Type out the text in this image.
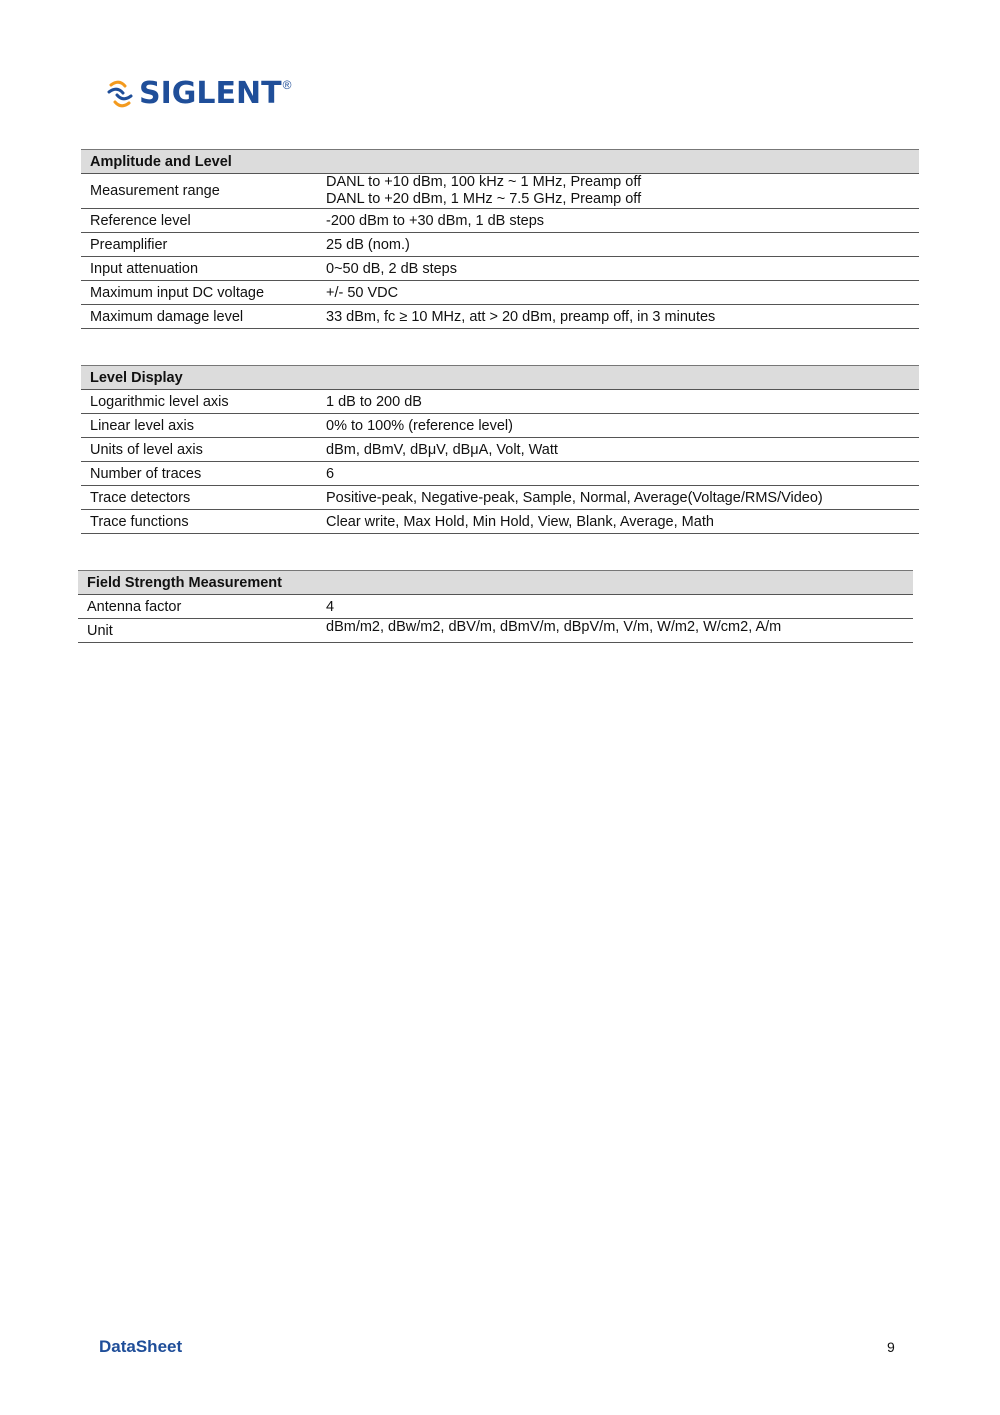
SIGLENT ®
Amplitude and Level	
Measurement range	DANL to +10 dBm, 100 kHz ~ 1 MHz, Preamp off
DANL to +20 dBm, 1 MHz ~ 7.5 GHz, Preamp off

Reference level	-200 dBm to +30 dBm, 1 dB steps
Preamplifier	25 dB (nom.)
Input attenuation	0~50 dB, 2 dB steps
Maximum input DC voltage	+/- 50 VDC
Maximum damage level	33 dBm, fc ≥ 10 MHz, att > 20 dBm, preamp off, in 3 minutes
Level Display	
Logarithmic level axis	1 dB to 200 dB
Linear level axis	0% to 100% (reference level)
Units of level axis	dBm, dBmV, dBμV, dBμA, Volt, Watt
Number of traces	6
Trace detectors	Positive-peak, Negative-peak, Sample, Normal, Average(Voltage/RMS/Video)
Trace functions	Clear write, Max Hold, Min Hold, View, Blank, Average, Math
Field Strength Measurement	
Antenna factor	4
Unit	dBm/m2, dBw/m2, dBV/m, dBmV/m, dBpV/m, V/m, W/m2, W/cm2, A/m
DataSheet	9
